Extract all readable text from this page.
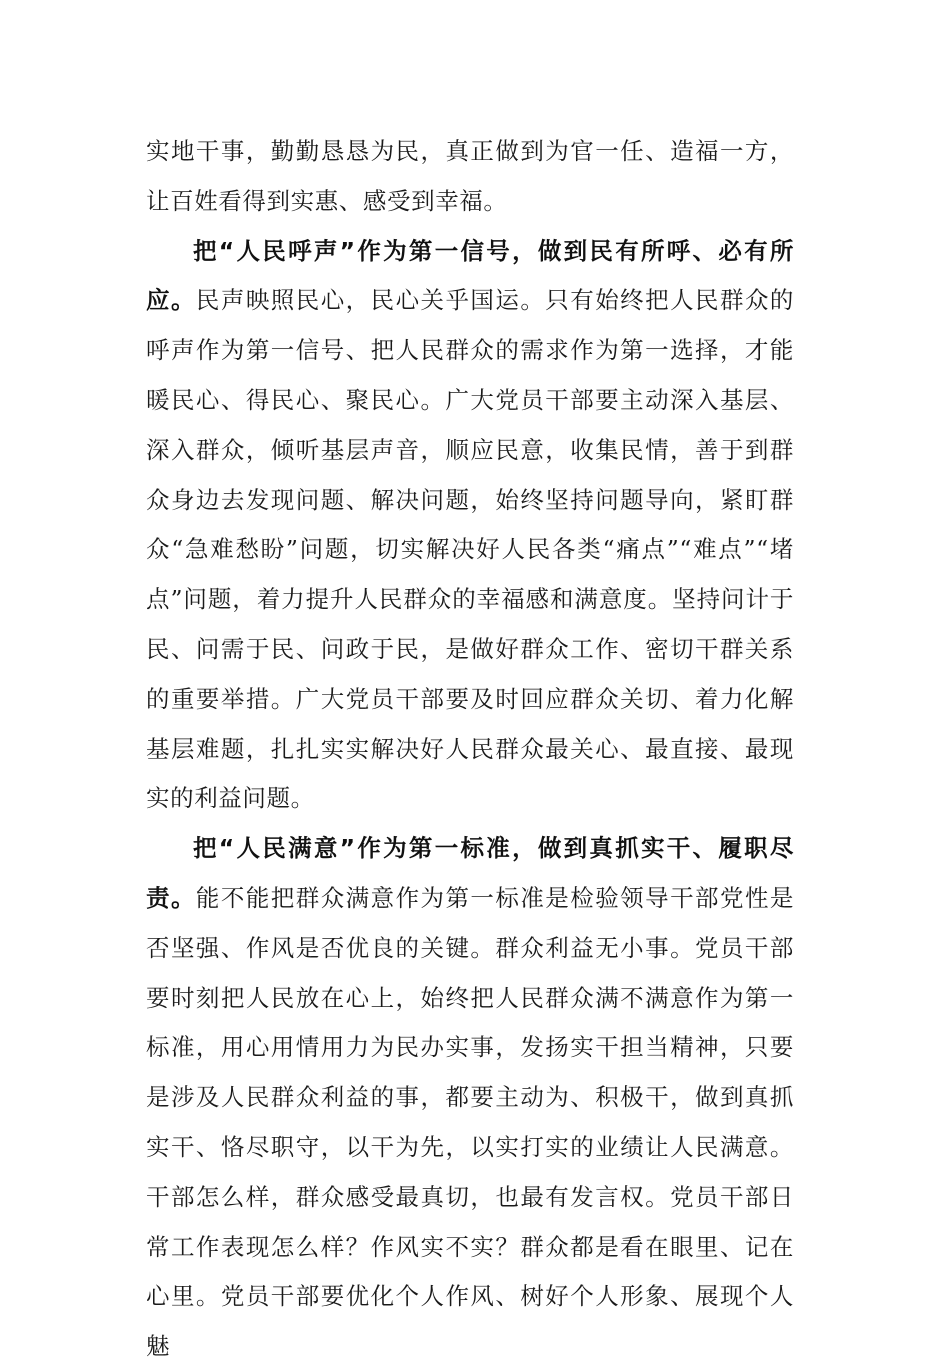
实地干事，勤勤恳恳为民，真正做到为官一任、造福一方，让百姓看得到实惠、感受到幸福。

把“人民呼声”作为第一信号，做到民有所呼、必有所应。民声映照民心，民心关乎国运。只有始终把人民群众的呼声作为第一信号、把人民群众的需求作为第一选择，才能暖民心、得民心、聚民心。广大党员干部要主动深入基层、深入群众，倾听基层声音，顺应民意，收集民情，善于到群众身边去发现问题、解决问题，始终坚持问题导向，紧盯群众“急难愁盼”问题，切实解决好人民各类“痛点”“难点”“堵点”问题，着力提升人民群众的幸福感和满意度。坚持问计于民、问需于民、问政于民，是做好群众工作、密切干群关系的重要举措。广大党员干部要及时回应群众关切、着力化解基层难题，扎扎实实解决好人民群众最关心、最直接、最现实的利益问题。

把“人民满意”作为第一标准，做到真抓实干、履职尽责。能不能把群众满意作为第一标准是检验领导干部党性是否坚强、作风是否优良的关键。群众利益无小事。党员干部要时刻把人民放在心上，始终把人民群众满不满意作为第一标准，用心用情用力为民办实事，发扬实干担当精神，只要是涉及人民群众利益的事，都要主动为、积极干，做到真抓实干、恪尽职守，以干为先，以实打实的业绩让人民满意。干部怎么样，群众感受最真切，也最有发言权。党员干部日常工作表现怎么样？作风实不实？群众都是看在眼里、记在心里。党员干部要优化个人作风、树好个人形象、展现个人魅
